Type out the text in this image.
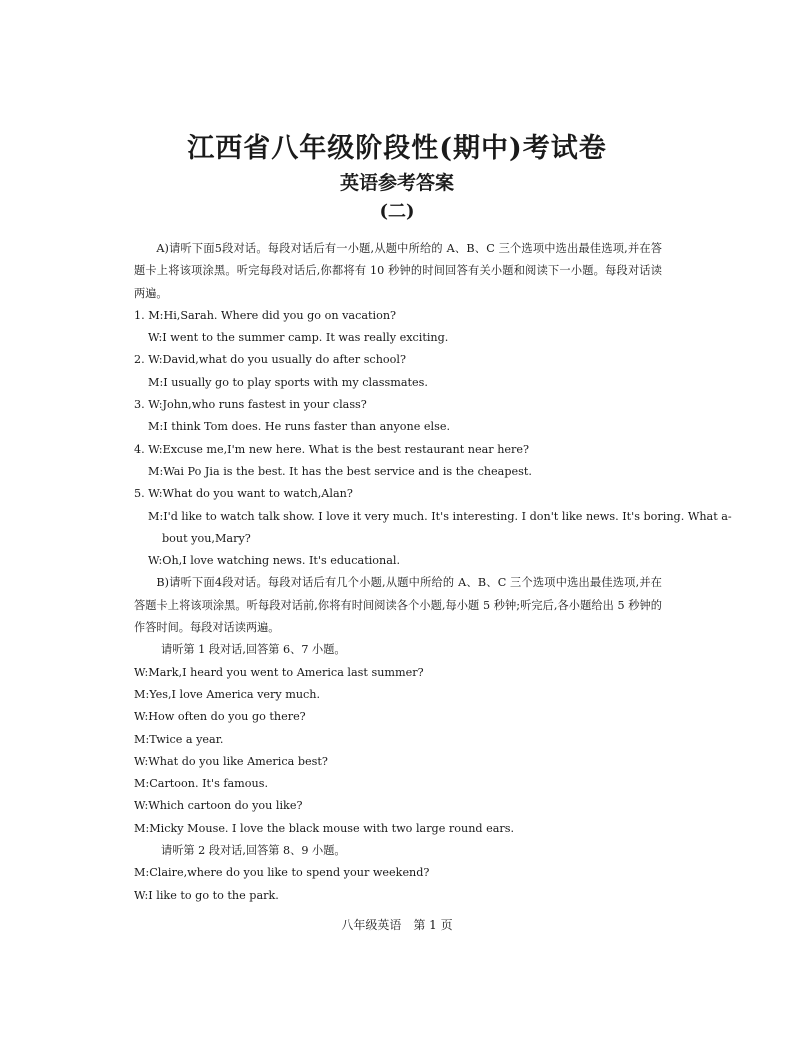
江西省八年级阶段性(期中)考试卷
英语参考答案
(二)
A)请听下面5段对话。每段对话后有一小题,从题中所给的 A、B、C 三个选项中选出最佳选项,并在答题卡上将该项涂黑。听完每段对话后,你都将有 10 秒钟的时间回答有关小题和阅读下一小题。每段对话读两遍。
1. M:Hi,Sarah. Where did you go on vacation?
W:I went to the summer camp. It was really exciting.
2. W:David,what do you usually do after school?
M:I usually go to play sports with my classmates.
3. W:John,who runs fastest in your class?
M:I think Tom does. He runs faster than anyone else.
4. W:Excuse me,I'm new here. What is the best restaurant near here?
M:Wai Po Jia is the best. It has the best service and is the cheapest.
5. W:What do you want to watch,Alan?
M:I'd like to watch talk show. I love it very much. It's interesting. I don't like news. It's boring. What a-
bout you,Mary?
W:Oh,I love watching news. It's educational.
B)请听下面4段对话。每段对话后有几个小题,从题中所给的 A、B、C 三个选项中选出最佳选项,并在答题卡上将该项涂黑。听每段对话前,你将有时间阅读各个小题,每小题 5 秒钟;听完后,各小题给出 5 秒钟的作答时间。每段对话读两遍。
请听第 1 段对话,回答第 6、7 小题。
W:Mark,I heard you went to America last summer?
M:Yes,I love America very much.
W:How often do you go there?
M:Twice a year.
W:What do you like America best?
M:Cartoon. It's famous.
W:Which cartoon do you like?
M:Micky Mouse. I love the black mouse with two large round ears.
请听第 2 段对话,回答第 8、9 小题。
M:Claire,where do you like to spend your weekend?
W:I like to go to the park.
八年级英语　第 1 页
